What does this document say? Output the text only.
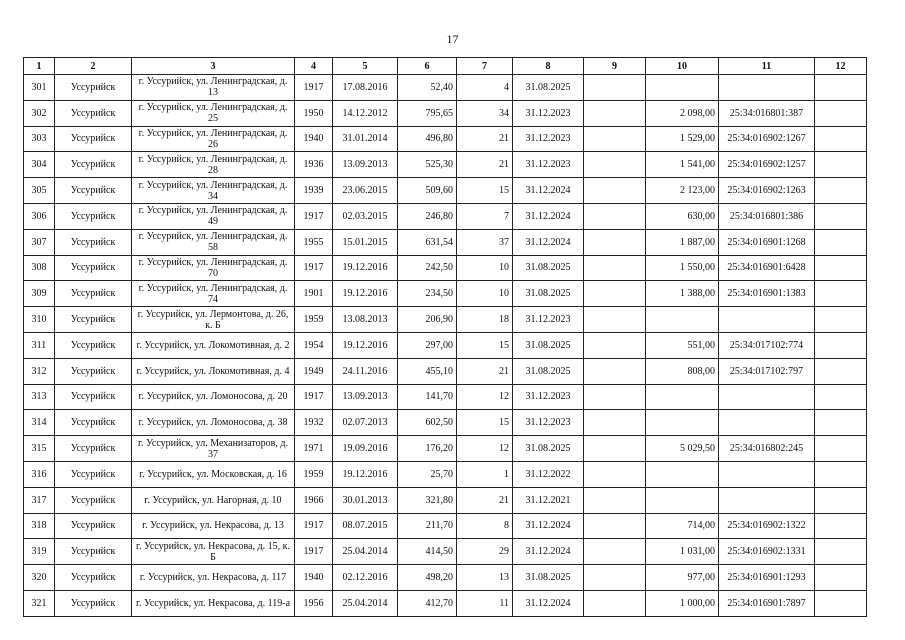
17
1	2	3	4	5	6	7	8	9	10	11	12
301	Уссурийск	г. Уссурийск, ул. Ленинградская, д. 13	1917	17.08.2016	52,40	4	31.08.2025				
302	Уссурийск	г. Уссурийск, ул. Ленинградская, д. 25	1950	14.12.2012	795,65	34	31.12.2023		2 098,00	25:34:016801:387	
303	Уссурийск	г. Уссурийск, ул. Ленинградская, д. 26	1940	31.01.2014	496,80	21	31.12.2023		1 529,00	25:34:016902:1267	
304	Уссурийск	г. Уссурийск, ул. Ленинградская, д. 28	1936	13.09.2013	525,30	21	31.12.2023		1 541,00	25:34:016902:1257	
305	Уссурийск	г. Уссурийск, ул. Ленинградская, д. 34	1939	23.06.2015	509,60	15	31.12.2024		2 123,00	25:34:016902:1263	
306	Уссурийск	г. Уссурийск, ул. Ленинградская, д. 49	1917	02.03.2015	246,80	7	31.12.2024		630,00	25:34:016801:386	
307	Уссурийск	г. Уссурийск, ул. Ленинградская, д. 58	1955	15.01.2015	631,54	37	31.12.2024		1 887,00	25:34:016901:1268	
308	Уссурийск	г. Уссурийск, ул. Ленинградская, д. 70	1917	19.12.2016	242,50	10	31.08.2025		1 550,00	25:34:016901:6428	
309	Уссурийск	г. Уссурийск, ул. Ленинградская, д. 74	1901	19.12.2016	234,50	10	31.08.2025		1 388,00	25:34:016901:1383	
310	Уссурийск	г. Уссурийск, ул. Лермонтова, д. 26, к. Б	1959	13.08.2013	206,90	18	31.12.2023				
311	Уссурийск	г. Уссурийск, ул. Локомотивная, д. 2	1954	19.12.2016	297,00	15	31.08.2025		551,00	25:34:017102:774	
312	Уссурийск	г. Уссурийск, ул. Локомотивная, д. 4	1949	24.11.2016	455,10	21	31.08.2025		808,00	25:34:017102:797	
313	Уссурийск	г. Уссурийск, ул. Ломоносова, д. 20	1917	13.09.2013	141,70	12	31.12.2023				
314	Уссурийск	г. Уссурийск, ул. Ломоносова, д. 38	1932	02.07.2013	602,50	15	31.12.2023				
315	Уссурийск	г. Уссурийск, ул. Механизаторов, д. 37	1971	19.09.2016	176,20	12	31.08.2025		5 029,50	25:34:016802:245	
316	Уссурийск	г. Уссурийск, ул. Московская, д. 16	1959	19.12.2016	25,70	1	31.12.2022				
317	Уссурийск	г. Уссурийск, ул. Нагорная, д. 10	1966	30.01.2013	321,80	21	31.12.2021				
318	Уссурийск	г. Уссурийск, ул. Некрасова, д. 13	1917	08.07.2015	211,70	8	31.12.2024		714,00	25:34:016902:1322	
319	Уссурийск	г. Уссурийск, ул. Некрасова, д. 15, к. Б	1917	25.04.2014	414,50	29	31.12.2024		1 031,00	25:34:016902:1331	
320	Уссурийск	г. Уссурийск, ул. Некрасова, д. 117	1940	02.12.2016	498,20	13	31.08.2025		977,00	25:34:016901:1293	
321	Уссурийск	г. Уссурийск, ул. Некрасова, д. 119-а	1956	25.04.2014	412,70	11	31.12.2024		1 000,00	25:34:016901:7897	
